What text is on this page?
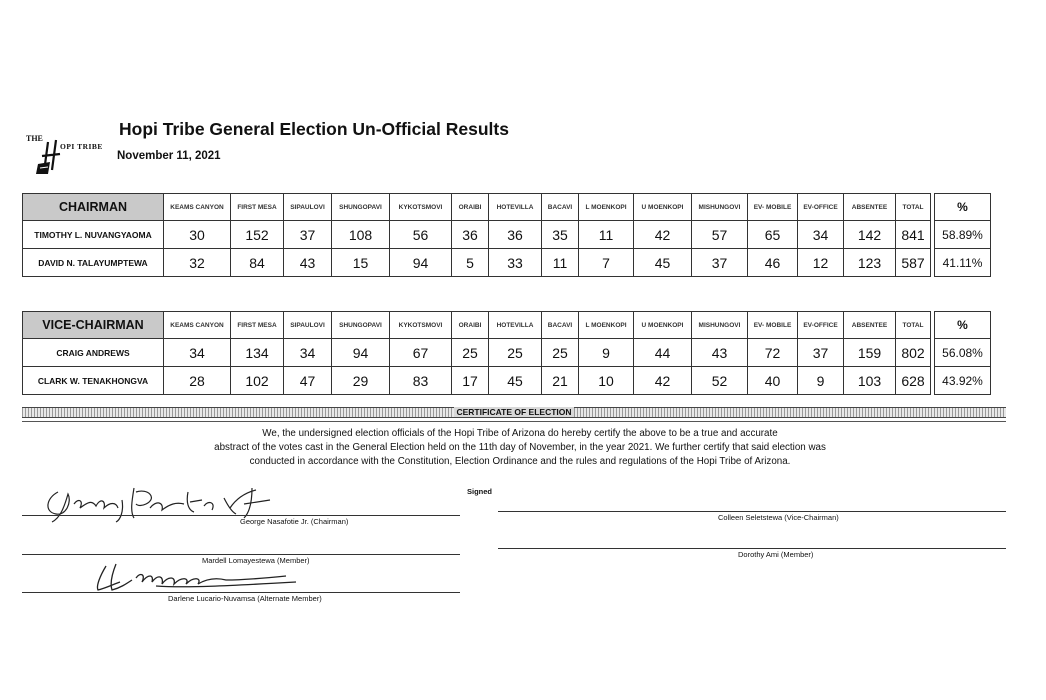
THE
OPI TRIBE
Hopi Tribe General Election Un-Official Results
November 11, 2021
CHAIRMAN	KEAMS CANYON	FIRST MESA	SIPAULOVI	SHUNGOPAVI	KYKOTSMOVI	ORAIBI	HOTEVILLA	BACAVI	L MOENKOPI	U MOENKOPI	MISHUNGOVI	EV- MOBILE	EV-OFFICE	ABSENTEE	TOTAL		%
TIMOTHY L. NUVANGYAOMA	30	152	37	108	56	36	36	35	11	42	57	65	34	142	841		58.89%
DAVID N. TALAYUMPTEWA	32	84	43	15	94	5	33	11	7	45	37	46	12	123	587		41.11%
VICE-CHAIRMAN	KEAMS CANYON	FIRST MESA	SIPAULOVI	SHUNGOPAVI	KYKOTSMOVI	ORAIBI	HOTEVILLA	BACAVI	L MOENKOPI	U MOENKOPI	MISHUNGOVI	EV- MOBILE	EV-OFFICE	ABSENTEE	TOTAL		%
CRAIG ANDREWS	34	134	34	94	67	25	25	25	9	44	43	72	37	159	802		56.08%
CLARK W. TENAKHONGVA	28	102	47	29	83	17	45	21	10	42	52	40	9	103	628		43.92%
CERTIFICATE OF ELECTION
We, the undersigned election officials of the Hopi Tribe of Arizona do hereby certify the above to be a true and accurate
abstract of the votes cast in the General Election held on the 11th day of November, in the year 2021. We further certify that said election was
conducted in accordance with the Constitution, Election Ordinance and the rules and regulations of the Hopi Tribe of Arizona.
Signed
George Nasafotie Jr. (Chairman)	Colleen Seletstewa (Vice-Chairman)
Mardell Lomayestewa (Member)
Dorothy Ami (Member)
Darlene Lucario-Nuvamsa (Alternate Member)
